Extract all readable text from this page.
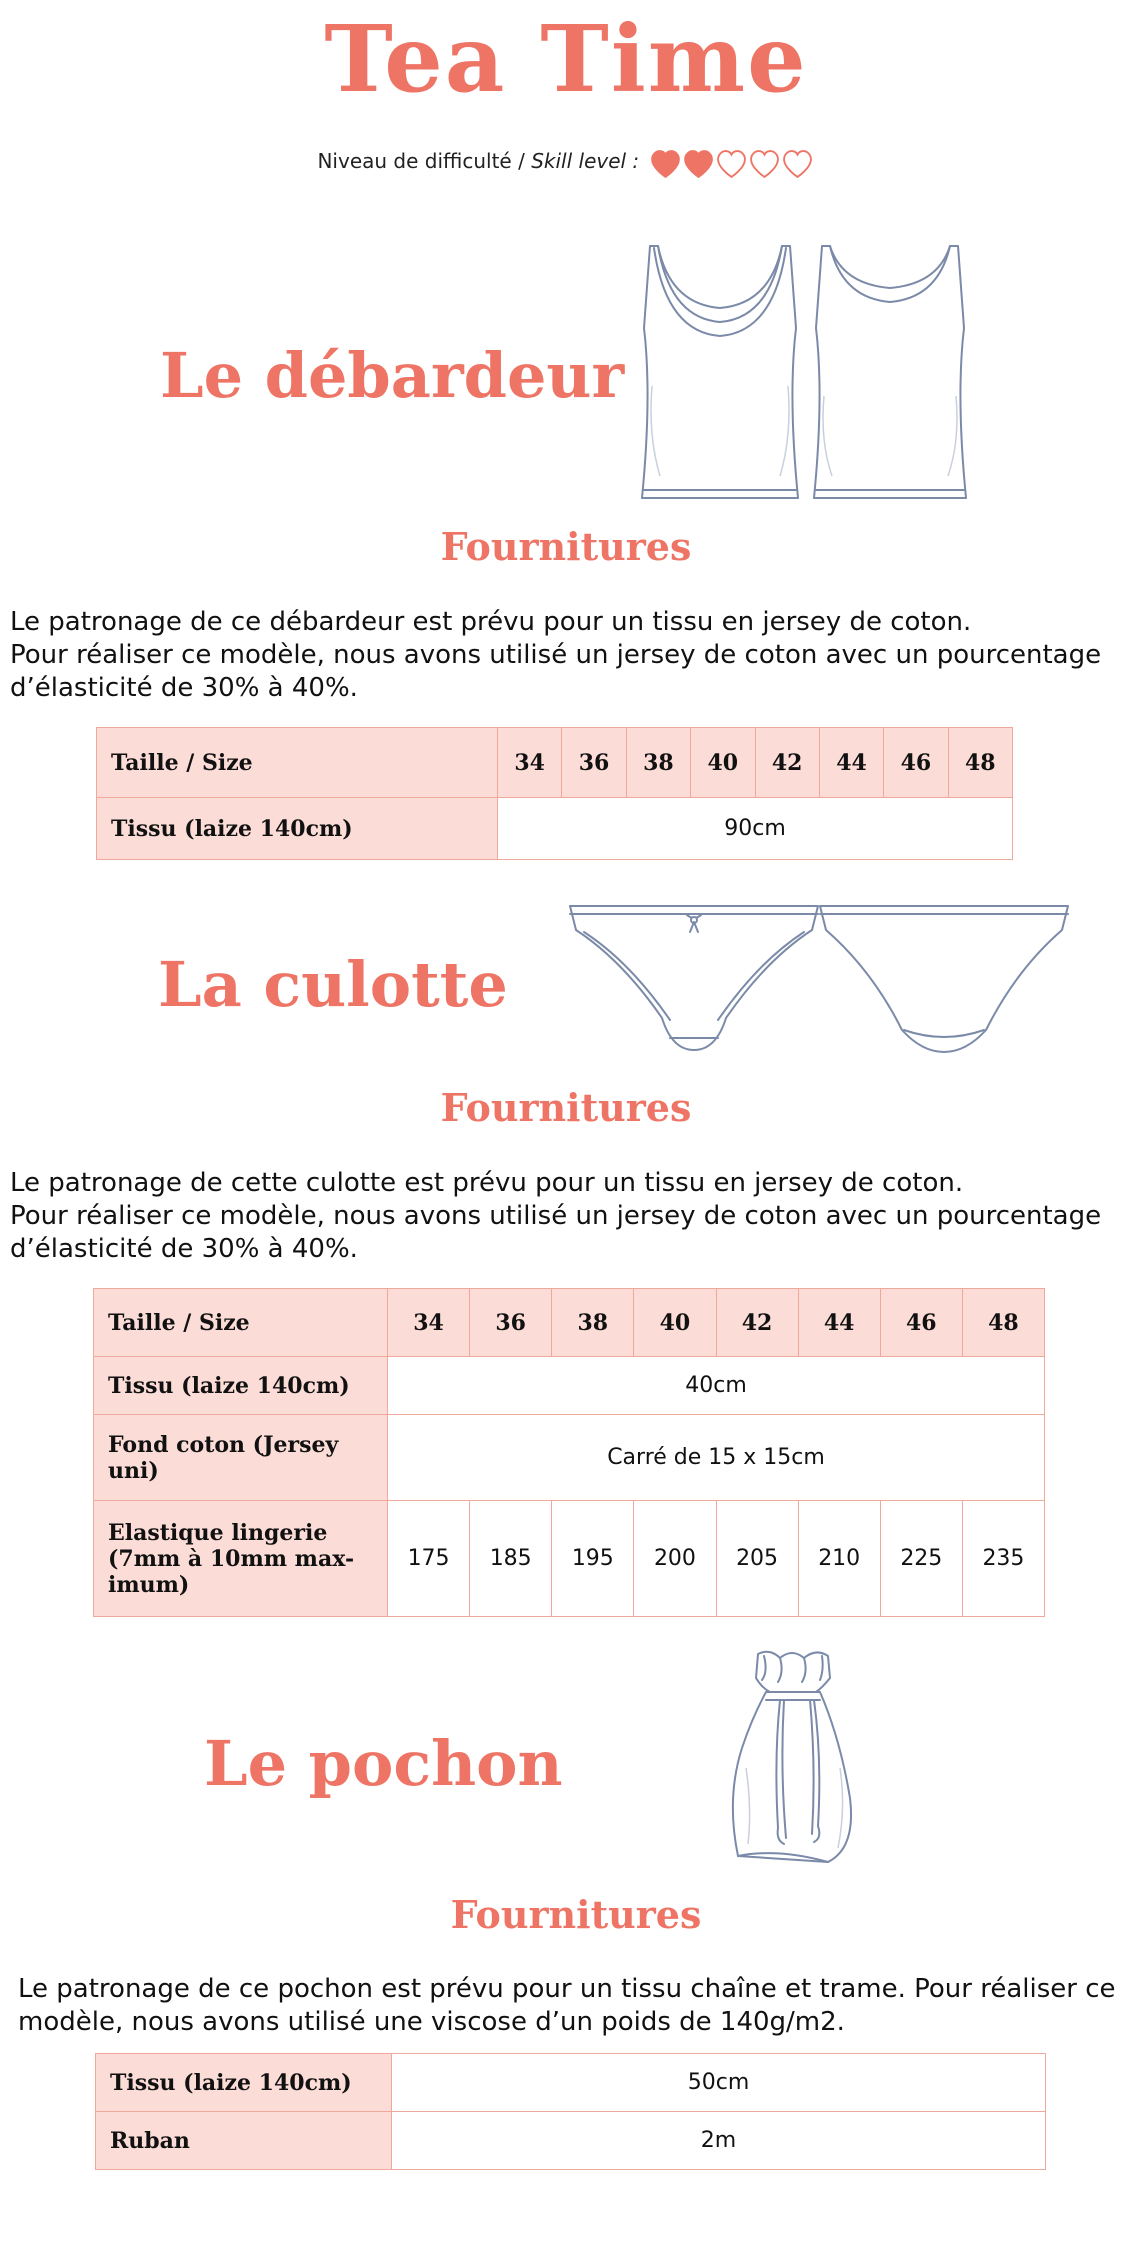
Tea Time
Niveau de difficulté / Skill level :
Le débardeur
Fournitures
Le patronage de ce débardeur est prévu pour un tissu en jersey de coton.
Pour réaliser ce modèle, nous avons utilisé un jersey de coton avec un pourcentage
d’élasticité de 30% à 40%.
Taille / Size	34	36	38	40	42	44	46	48
Tissu (laize 140cm)	90cm							
La culotte
Fournitures
Le patronage de cette culotte est prévu pour un tissu en jersey de coton.
Pour réaliser ce modèle, nous avons utilisé un jersey de coton avec un pourcentage
d’élasticité de 30% à 40%.
Taille / Size	34	36	38	40	42	44	46	48
Tissu (laize 140cm)	40cm							
Fond coton (Jersey uni)	Carré de 15 x 15cm							
Elastique lingerie (7mm à 10mm max-imum)	175	185	195	200	205	210	225	235
Le pochon
Fournitures
Le patronage de ce pochon est prévu pour un tissu chaîne et trame. Pour réaliser ce
modèle, nous avons utilisé une viscose d’un poids de 140g/m2.
Tissu (laize 140cm)	50cm
Ruban	2m
